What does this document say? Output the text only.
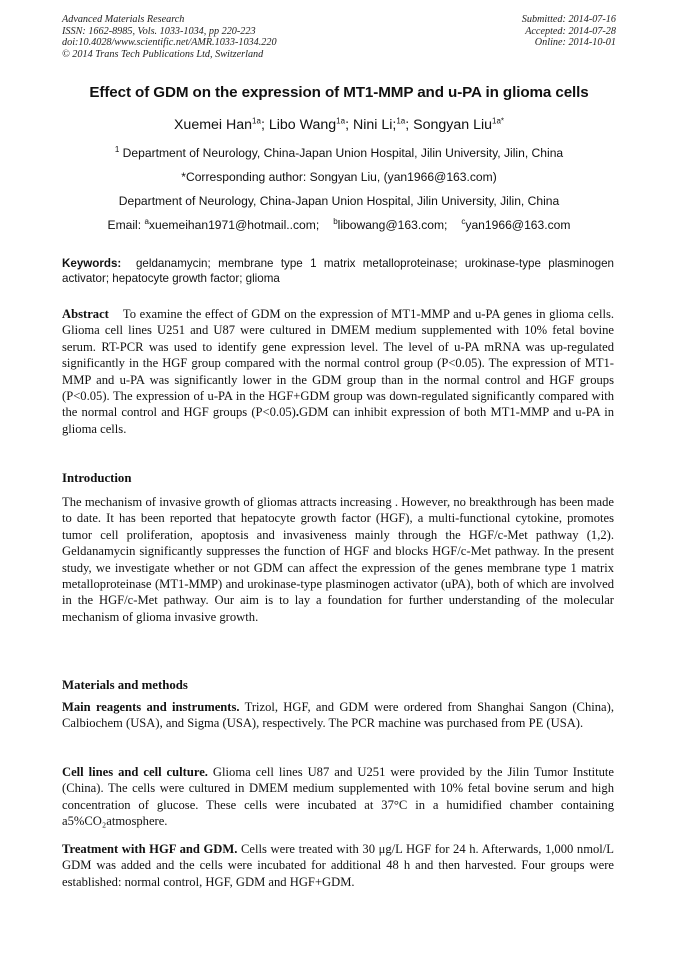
Advanced Materials Research
ISSN: 1662-8985, Vols. 1033-1034, pp 220-223
doi:10.4028/www.scientific.net/AMR.1033-1034.220
© 2014 Trans Tech Publications Ltd, Switzerland
Submitted: 2014-07-16
Accepted: 2014-07-28
Online: 2014-10-01
Effect of GDM on the expression of MT1-MMP and u-PA in glioma cells
Xuemei Han$^{1a}$; Libo Wang$^{1a}$; Nini Li;$^{1a}$; Songyan Liu$^{1a*}$
$^1$ Department of Neurology, China-Japan Union Hospital, Jilin University, Jilin, China
*Corresponding author: Songyan Liu, (yan1966@163.com)
Department of Neurology, China-Japan Union Hospital, Jilin University, Jilin, China
Email: $^a$xuemeihan1971@hotmail..com; $^b$libowang@163.com; $^c$yan1966@163.com
Keywords: geldanamycin; membrane type 1 matrix metalloproteinase; urokinase-type plasminogen activator; hepatocyte growth factor; glioma
Abstract To examine the effect of GDM on the expression of MT1-MMP and u-PA genes in glioma cells. Glioma cell lines U251 and U87 were cultured in DMEM medium supplemented with 10% fetal bovine serum. RT-PCR was used to identify gene expression level. The level of u-PA mRNA was up-regulated significantly in the HGF group compared with the normal control group (P<0.05). The expression of MT1-MMP and u-PA was significantly lower in the GDM group than in the normal control and HGF groups (P<0.05). The expression of u-PA in the HGF+GDM group was down-regulated significantly compared with the normal control and HGF groups (P<0.05).GDM can inhibit expression of both MT1-MMP and u-PA in glioma cells.
Introduction
The mechanism of invasive growth of gliomas attracts increasing . However, no breakthrough has been made to date. It has been reported that hepatocyte growth factor (HGF), a multi-functional cytokine, promotes tumor cell proliferation, apoptosis and invasiveness mainly through the HGF/c-Met pathway (1,2). Geldanamycin significantly suppresses the function of HGF and blocks HGF/c-Met pathway. In the present study, we investigate whether or not GDM can affect the expression of the genes membrane type 1 matrix metalloproteinase (MT1-MMP) and urokinase-type plasminogen activator (uPA), both of which are involved in the HGF/c-Met pathway. Our aim is to lay a foundation for further understanding of the molecular mechanism of glioma invasive growth.
Materials and methods
Main reagents and instruments. Trizol, HGF, and GDM were ordered from Shanghai Sangon (China), Calbiochem (USA), and Sigma (USA), respectively. The PCR machine was purchased from PE (USA).
Cell lines and cell culture. Glioma cell lines U87 and U251 were provided by the Jilin Tumor Institute (China). The cells were cultured in DMEM medium supplemented with 10% fetal bovine serum and high concentration of glucose. These cells were incubated at 37°C in a humidified chamber containing a5%CO₂atmosphere.
Treatment with HGF and GDM. Cells were treated with 30 μg/L HGF for 24 h. Afterwards, 1,000 nmol/L GDM was added and the cells were incubated for additional 48 h and then harvested. Four groups were established: normal control, HGF, GDM and HGF+GDM.
